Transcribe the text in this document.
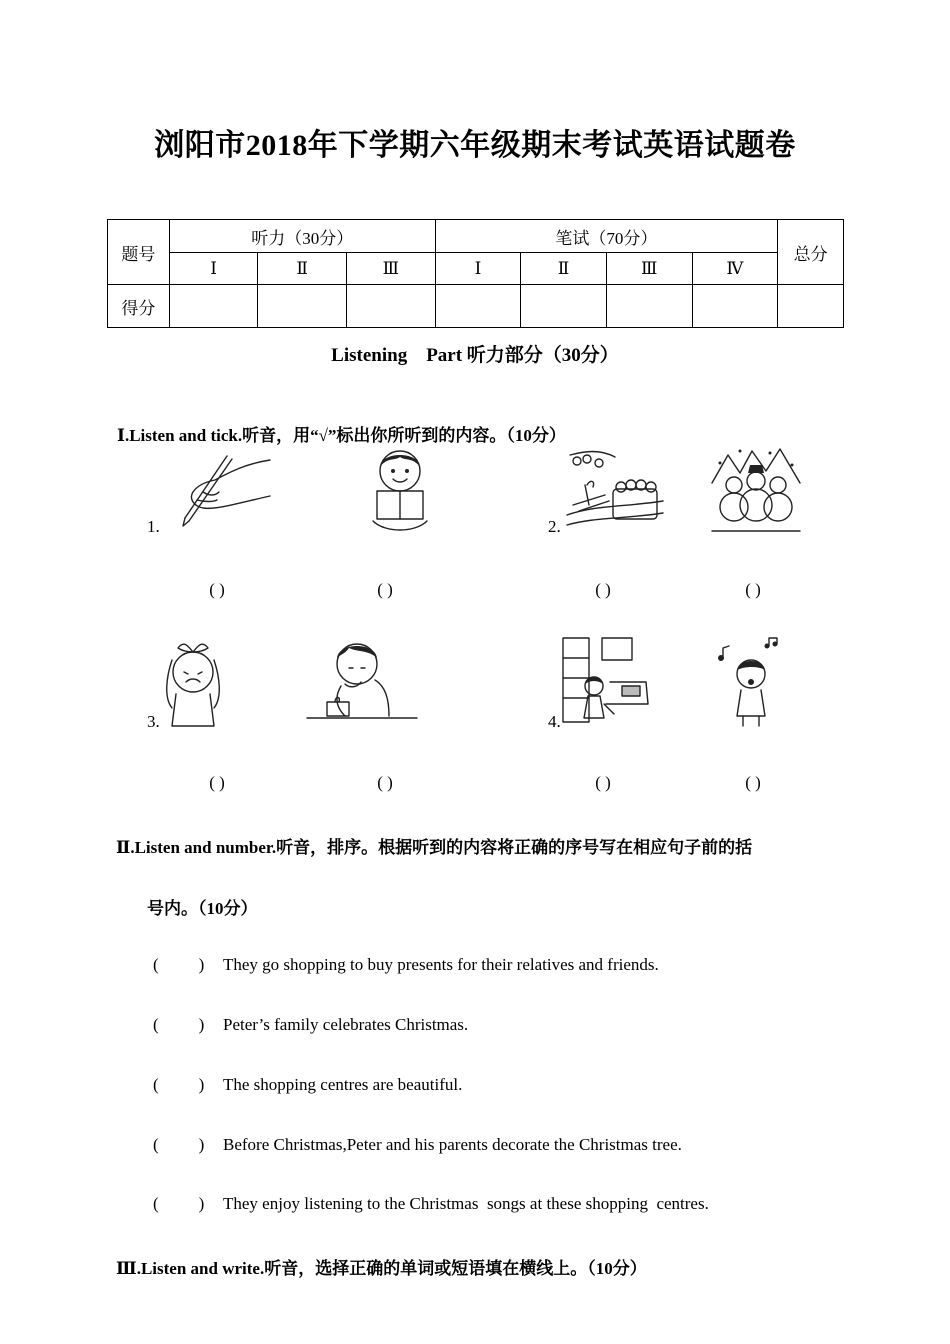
浏阳市2018年下学期六年级期末考试英语试题卷
题号	听力（30分）			笔试（70分）				总分
	Ⅰ	Ⅱ	Ⅲ	Ⅰ	Ⅱ	Ⅲ	Ⅳ	
得分								
Listening    Part 听力部分（30分）
Ⅰ.Listen and tick.听音，用“√”标出你所听到的内容。（10分）
1.	2.
3.	4.
( )	( )	( )	( )
( )	( )	( )	( )
Ⅱ.Listen and number.听音，排序。根据听到的内容将正确的序号写在相应句子前的括
号内。（10分）
( ) They go shopping to buy presents for their relatives and friends.
( ) Peter’s family celebrates Christmas.
( ) The shopping centres are beautiful.
( ) Before Christmas,Peter and his parents decorate the Christmas tree.
( ) They enjoy listening to the Christmas  songs at these shopping  centres.
Ⅲ.Listen and write.听音，选择正确的单词或短语填在横线上。（10分）
